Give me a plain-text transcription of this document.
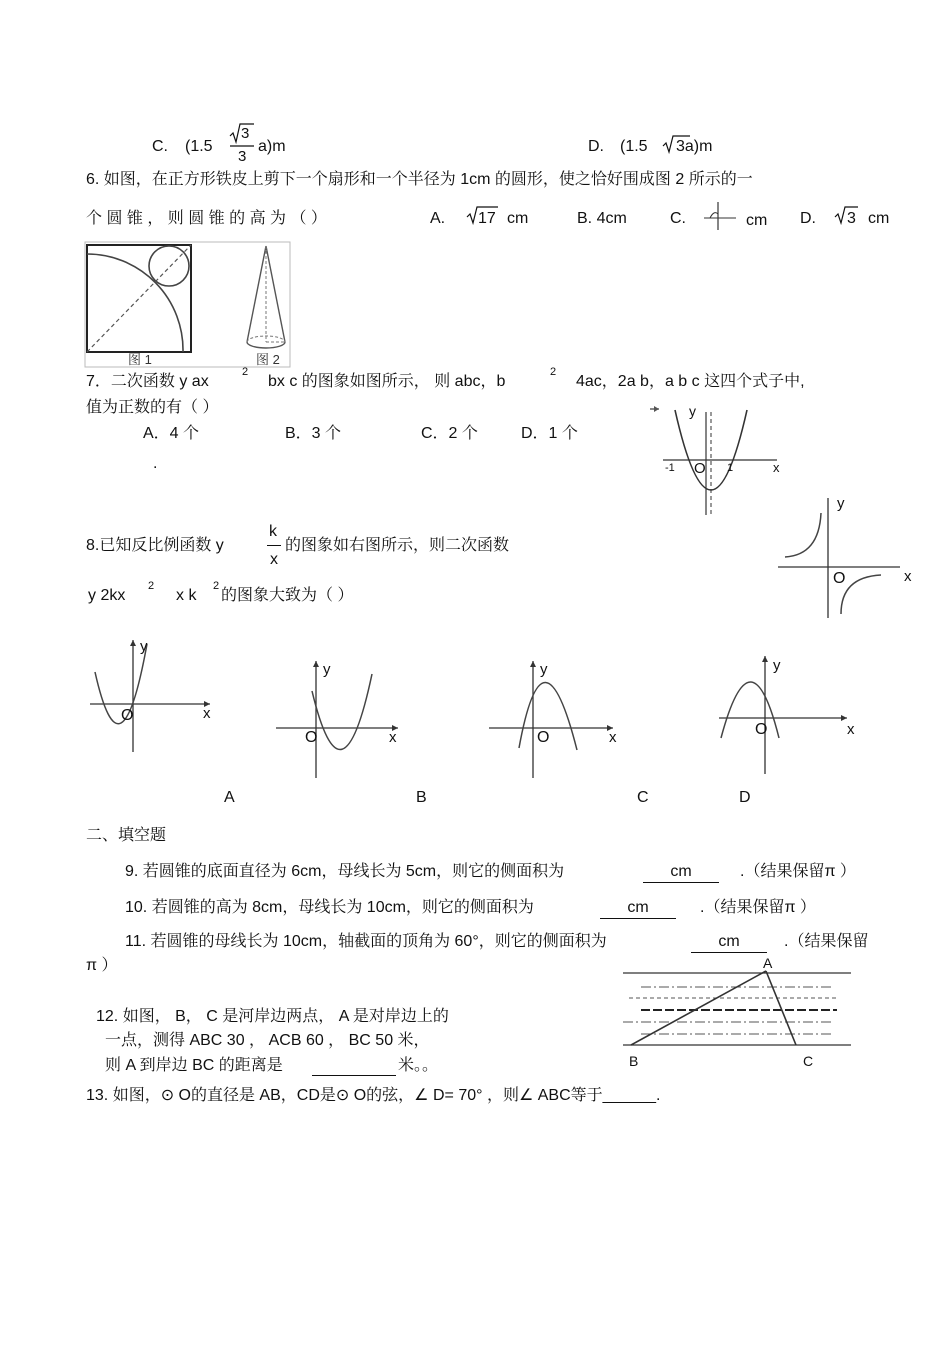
C. (1.5
3
3
a)m	D. (1.5 3a)m
6. 如图，在正方形铁皮上剪下一个扇形和一个半径为 1cm 的圆形，使之恰好围成图 2 所示的一
个 圆 锥 ， 则 圆 锥 的 高 为 （ ）	A. 17 cm	B. 4cm	C.	cm D. 3 cm
图 1	图 2
7．二次函数 y ax
2
bx c 的图象如图所示， 则 abc，b
2
4ac，2a b，a b c 这四个式子中,
值为正数的有（ ）
A．4 个	B．3 个	C．2 个	D．1 个
.
y
x
O
-1	1
8.已知反比例函数 y
k
x
的图象如右图所示，则二次函数
y 2kx
2
x k
2
的图象大致为（ ）
y
x
O
y
x
O
A
y
x
O
B
y
x
O
C
y
x
O
D
二、填空题
9. 若圆锥的底面直径为 6cm，母线长为 5cm，则它的侧面积为	cm	.（结果保留π ）
10. 若圆锥的高为 8cm，母线长为 10cm，则它的侧面积为	cm	.（结果保留π ）
11. 若圆锥的母线长为 10cm，轴截面的顶角为 60°，则它的侧面积为	cm	.（结果保留
π ）
12. 如图， B， C 是河岸边两点， A 是对岸边上的
一点，测得 ABC 30 ， ACB 60 ， BC 50 米，
则 A 到岸边 BC 的距离是	米。。
A
B	C
13. 如图，⊙ O的直径是 AB，CD是⊙ O的弦，∠ D= 70° ，则∠ ABC等于______.
